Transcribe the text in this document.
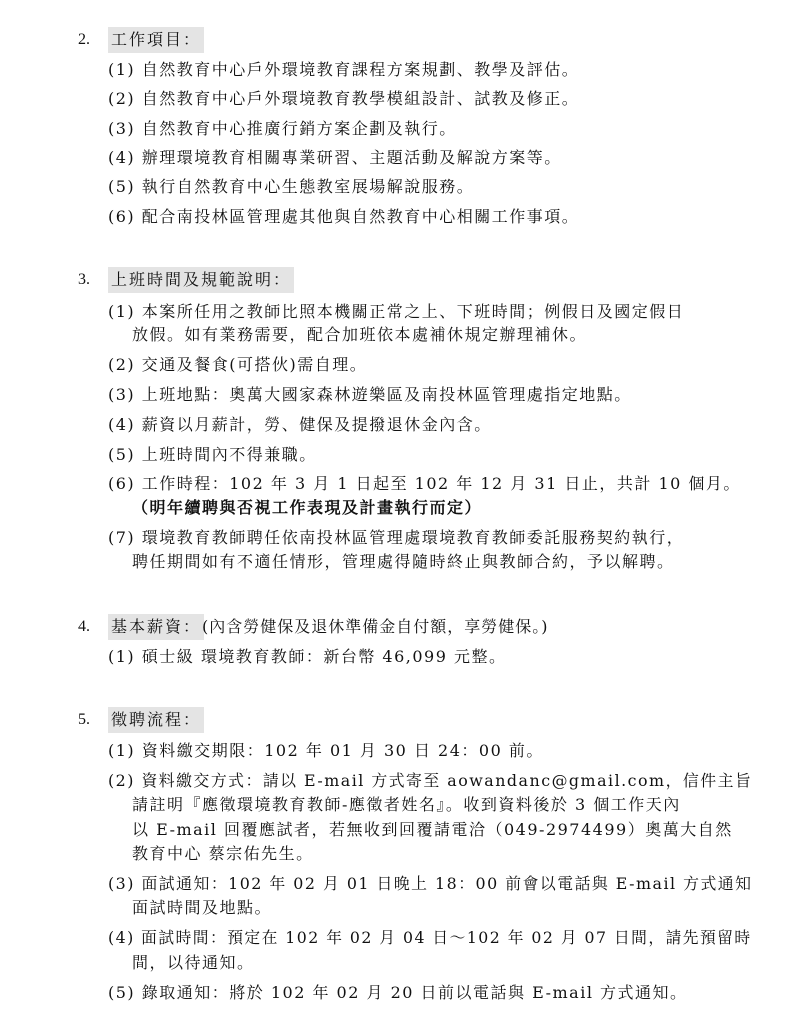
2. 工作項目：
(1) 自然教育中心戶外環境教育課程方案規劃、教學及評估。
(2) 自然教育中心戶外環境教育教學模組設計、試教及修正。
(3) 自然教育中心推廣行銷方案企劃及執行。
(4) 辦理環境教育相關專業研習、主題活動及解說方案等。
(5) 執行自然教育中心生態教室展場解說服務。
(6) 配合南投林區管理處其他與自然教育中心相關工作事項。
3. 上班時間及規範說明：
(1) 本案所任用之教師比照本機關正常之上、下班時間；例假日及國定假日
放假。如有業務需要，配合加班依本處補休規定辦理補休。
(2) 交通及餐食(可搭伙)需自理。
(3) 上班地點：奧萬大國家森林遊樂區及南投林區管理處指定地點。
(4) 薪資以月薪計，勞、健保及提撥退休金內含。
(5) 上班時間內不得兼職。
(6) 工作時程：102 年 3 月 1 日起至 102 年 12 月 31 日止，共計 10 個月。
（明年續聘與否視工作表現及計畫執行而定）
(7) 環境教育教師聘任依南投林區管理處環境教育教師委託服務契約執行，
聘任期間如有不適任情形，管理處得隨時終止與教師合約，予以解聘。
4. 基本薪資： (內含勞健保及退休準備金自付額，享勞健保。)
(1) 碩士級 環境教育教師：新台幣 46,099 元整。
5. 徵聘流程：
(1) 資料繳交期限：102 年 01 月 30 日 24：00 前。
(2) 資料繳交方式：請以 E-mail 方式寄至 aowandanc@gmail.com，信件主旨
請註明『應徵環境教育教師-應徵者姓名』。收到資料後於 3 個工作天內
以 E-mail 回覆應試者，若無收到回覆請電洽（049-2974499）奧萬大自然
教育中心 蔡宗佑先生。
(3) 面試通知：102 年 02 月 01 日晚上 18：00 前會以電話與 E-mail 方式通知
面試時間及地點。
(4) 面試時間：預定在 102 年 02 月 04 日～102 年 02 月 07 日間，請先預留時
間，以待通知。
(5) 錄取通知：將於 102 年 02 月 20 日前以電話與 E-mail 方式通知。
